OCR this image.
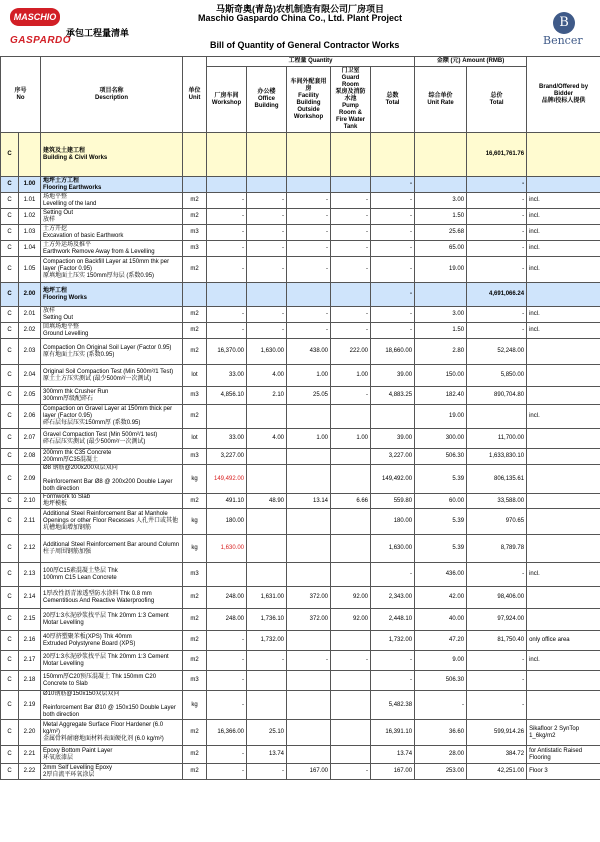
MASCHIO
GASPARDO
承包工程量清单
马斯奇奥(青岛)农机制造有限公司厂房项目
Maschio Gaspardo China Co., Ltd. Plant Project
Bill of Quantity of General Contractor Works
B
Bencer
序号
No		项目名称
Description	单位
Unit	工程量 Quantity					金额 (元) Amount (RMB)		Brand/Offered by Bidder
品牌/投标人提供
				厂房车间
Workshop	办公楼
Office Building	车间外配套用房
Facility Building Outside Workshop	门卫室
Guard Room
泵房及消防水池
Pump Room & Fire Water Tank	总数
Total	综合单价
Unit Rate	总价
Total	
C		建筑及土建工程
Building & Civil Works								16,601,761.76	
C	1.00	地坪土方工程
Flooring Earthworks						-		-	
C	1.01	场地平整
Levelling of the land	m2	-	-	-	-	-	3.00	-	incl.
C	1.02	Setting Out
放样	m2	-	-	-	-	-	1.50	-	incl.
C	1.03	土方开挖
Excavation of basic Earthwork	m3	-	-	-	-	-	25.68	-	incl.
C	1.04	土方外运场及推平
Earthwork Remove Away from & Levelling	m3	-	-	-	-	-	65.00	-	incl.
C	1.05	Compaction on Backfill Layer at 150mm thk per layer (Factor 0.95)
原填地面土压实 150mm厚每层 (系数0.95)	m2	-	-	-	-	-	19.00	-	incl.
C	2.00	地坪工程
Flooring Works						-		4,691,066.24	
C	2.01	放样
Setting Out	m2	-	-	-	-	-	3.00	-	incl.
C	2.02	回填场地平整
Ground Levelling	m2	-	-	-	-	-	1.50	-	incl.
C	2.03	Compaction On Original Soil Layer (Factor 0.95)
原有地面土压实 (系数0.95)	m2	16,370.00	1,630.00	438.00	222.00	18,660.00	2.80	52,248.00	
C	2.04	Original Soil Compaction Test (Min 500m²/1 Test)
原土土方压实测试 (最少500m²/一次测试)	lot	33.00	4.00	1.00	1.00	39.00	150.00	5,850.00	
C	2.05	300mm thk Crusher Run
300mm厚级配碎石	m3	4,856.10	2.10	25.05	-	4,883.25	182.40	890,704.80	
C	2.06	Compaction on Gravel Layer at 150mm thick per layer (Factor 0.95)
碎石层每层压实150mm厚 (系数0.95)	m2						19.00		incl.
C	2.07	Gravel Compaction Test (Min 500m²/1 test)
碎石层压实测试 (最少500m²/一次测试)	lot	33.00	4.00	1.00	1.00	39.00	300.00	11,700.00	
C	2.08	200mm thk C35 Concrete
200mm厚C35混凝土	m3	3,227.00				3,227.00	506.30	1,633,830.10	
C	2.09	Ø8 钢筋@200x200双层双向

Reinforcement Bar Ø8 @ 200x200 Double Layer both direction	kg	149,492.00				149,492.00	5.39	806,135.61	
C	2.10	Formwork to Slab
地坪模板	m2	491.10	48.90	13.14	6.66	559.80	60.00	33,588.00	
C	2.11	Additional Steel Reinforcement Bar at Manhole Openings or other Floor Recesses 人孔井口或其他坑槽地面增加钢筋	kg	180.00				180.00	5.39	970.65	
C	2.12	Additional Steel Reinforcement Bar around Column
柱子周围钢筋加强	kg	1,630.00				1,630.00	5.39	8,789.78	
C	2.13	100厚C15素混凝土垫层 Thk
100mm C15 Lean Concrete	m3					-	436.00	-	incl.
C	2.14	1厚改性沥青渗透型防水涂料 Thk 0.8 mm
Cementitious And Reactive Waterproofing	m2	248.00	1,631.00	372.00	92.00	2,343.00	42.00	98,406.00	
C	2.15	20厚1:3水泥砂浆找平层 Thk 20mm 1:3 Cement
Motar Levelling	m2	248.00	1,736.10	372.00	92.00	2,448.10	40.00	97,924.00	
C	2.16	40厚挤塑聚苯板(XPS) Thk 40mm
Extruded Polystyrene Board (XPS)	m2	-	1,732.00			1,732.00	47.20	81,750.40	only office area
C	2.17	20厚1:3水泥砂浆找平层 Thk 20mm 1:3 Cement
Motar Levelling	m2	-	-	-	-	-	9.00	-	incl.
C	2.18	150mm厚C20预压混凝土 Thk 150mm C20
Concrete to Slab	m3	-				-	506.30	-	
C	2.19	Ø10钢筋@150x150双层双向

Reinforcement Bar Ø10 @ 150x150 Double Layer both direction	kg	-				5,482.38	-	-	
C	2.20	Metal Aggregate Surface Floor Hardener (6.0 kg/m²)
金属骨料耐磨地面材料表面硬化剂 (6.0 kg/m²)	m2	16,366.00	25.10			16,391.10	36.60	599,914.26	Sikafloor 2 SynTop 1_6kg/m2
C	2.21	Epoxy Bottom Paint Layer
环氧底漆层	m2	-	13.74			13.74	28.00	384.72	for Antistatic Raised Flooring
C	2.22	2mm Self Levelling Epoxy
2厚自流平环氧涂层	m2	-	-	167.00	-	167.00	253.00	42,251.00	Floor 3
